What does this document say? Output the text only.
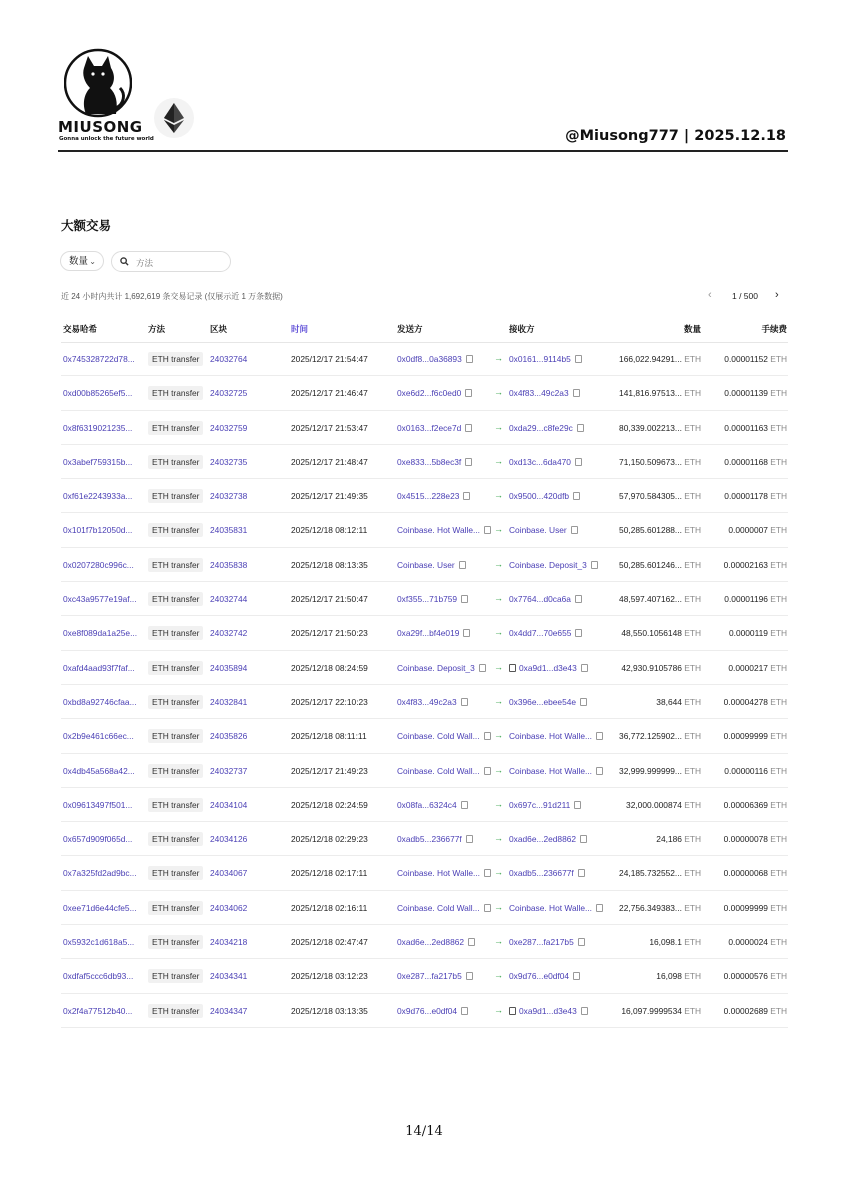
MIUSONG
Gonna unlock the future world	@Miusong777 | 2025.12.18
大额交易
数量 ⌄
方法
近 24 小时内共计 1,692,619 条交易记录 (仅展示近 1 万条数据)	‹ 1 / 500 ›
交易哈希	方法	区块	时间	发送方	接收方	数量	手续费
0x745328722d78...	ETH transfer	24032764	2025/12/17 21:54:47	0x0df8...0a36893	→ 0x0161...9114b5	166,022.94291... ETH	0.00001152 ETH
0xd00b85265ef5...	ETH transfer	24032725	2025/12/17 21:46:47	0xe6d2...f6c0ed0	→ 0x4f83...49c2a3	141,816.97513... ETH	0.00001139 ETH
0x8f6319021235...	ETH transfer	24032759	2025/12/17 21:53:47	0x0163...f2ece7d	→ 0xda29...c8fe29c	80,339.002213... ETH	0.00001163 ETH
0x3abef759315b...	ETH transfer	24032735	2025/12/17 21:48:47	0xe833...5b8ec3f	→ 0xd13c...6da470	71,150.509673... ETH	0.00001168 ETH
0xf61e2243933a...	ETH transfer	24032738	2025/12/17 21:49:35	0x4515...228e23	→ 0x9500...420dfb	57,970.584305... ETH	0.00001178 ETH
0x101f7b12050d...	ETH transfer	24035831	2025/12/18 08:12:11	Coinbase. Hot Walle...	→ Coinbase. User	50,285.601288... ETH	0.0000007 ETH
0x0207280c996c...	ETH transfer	24035838	2025/12/18 08:13:35	Coinbase. User	→ Coinbase. Deposit_3	50,285.601246... ETH	0.00002163 ETH
0xc43a9577e19af...	ETH transfer	24032744	2025/12/17 21:50:47	0xf355...71b759	→ 0x7764...d0ca6a	48,597.407162... ETH	0.00001196 ETH
0xe8f089da1a25e...	ETH transfer	24032742	2025/12/17 21:50:23	0xa29f...bf4e019	→ 0x4dd7...70e655	48,550.1056148 ETH	0.0000119 ETH
0xafd4aad93f7faf...	ETH transfer	24035894	2025/12/18 08:24:59	Coinbase. Deposit_3	→	0xa9d1...d3e43	42,930.9105786 ETH	0.0000217 ETH
0xbd8a92746cfaa...	ETH transfer	24032841	2025/12/17 22:10:23	0x4f83...49c2a3	→ 0x396e...ebee54e	38,644 ETH	0.00004278 ETH
0x2b9e461c66ec...	ETH transfer	24035826	2025/12/18 08:11:11	Coinbase. Cold Wall...	→ Coinbase. Hot Walle...	36,772.125902... ETH	0.00099999 ETH
0x4db45a568a42...	ETH transfer	24032737	2025/12/17 21:49:23	Coinbase. Cold Wall...	→ Coinbase. Hot Walle...	32,999.999999... ETH	0.00000116 ETH
0x09613497f501...	ETH transfer	24034104	2025/12/18 02:24:59	0x08fa...6324c4	→ 0x697c...91d211	32,000.000874 ETH	0.00006369 ETH
0x657d909f065d...	ETH transfer	24034126	2025/12/18 02:29:23	0xadb5...236677f	→ 0xad6e...2ed8862	24,186 ETH	0.00000078 ETH
0x7a325fd2ad9bc...	ETH transfer	24034067	2025/12/18 02:17:11	Coinbase. Hot Walle...	→ 0xadb5...236677f	24,185.732552... ETH	0.00000068 ETH
0xee71d6e44cfe5...	ETH transfer	24034062	2025/12/18 02:16:11	Coinbase. Cold Wall...	→ Coinbase. Hot Walle...	22,756.349383... ETH	0.00099999 ETH
0x5932c1d618a5...	ETH transfer	24034218	2025/12/18 02:47:47	0xad6e...2ed8862	→ 0xe287...fa217b5	16,098.1 ETH	0.0000024 ETH
0xdfaf5ccc6db93...	ETH transfer	24034341	2025/12/18 03:12:23	0xe287...fa217b5	→ 0x9d76...e0df04	16,098 ETH	0.00000576 ETH
0x2f4a77512b40...	ETH transfer	24034347	2025/12/18 03:13:35	0x9d76...e0df04	→	0xa9d1...d3e43	16,097.9999534 ETH	0.00002689 ETH
14/14
